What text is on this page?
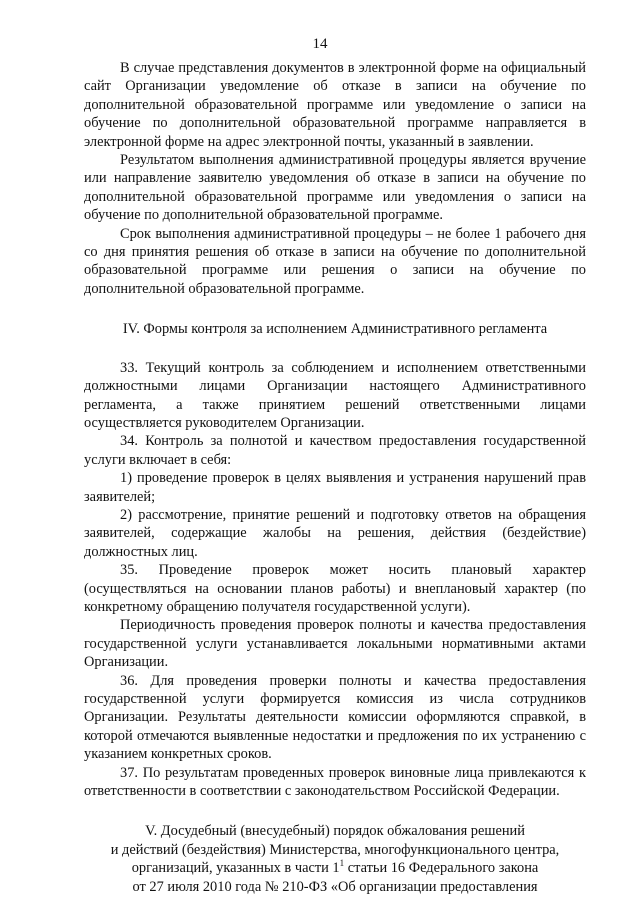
14

В случае представления документов в электронной форме на официальный сайт Организации уведомление об отказе в записи на обучение по дополнительной образовательной программе или уведомление о записи на обучение по дополнительной образовательной программе направляется в электронной форме на адрес электронной почты, указанный в заявлении.

Результатом выполнения административной процедуры является вручение или направление заявителю уведомления об отказе в записи на обучение по дополнительной образовательной программе или уведомления о записи на обучение по дополнительной образовательной программе.

Срок выполнения административной процедуры – не более 1 рабочего дня со дня принятия решения об отказе в записи на обучение по дополнительной образовательной программе или решения о записи на обучение по дополнительной образовательной программе.

IV. Формы контроля за исполнением Административного регламента

33. Текущий контроль за соблюдением и исполнением ответственными должностными лицами Организации настоящего Административного регламента, а также принятием решений ответственными лицами осуществляется руководителем Организации.

34. Контроль за полнотой и качеством предоставления государственной услуги включает в себя:

1) проведение проверок в целях выявления и устранения нарушений прав заявителей;

2) рассмотрение, принятие решений и подготовку ответов на обращения заявителей, содержащие жалобы на решения, действия (бездействие) должностных лиц.

35. Проведение проверок может носить плановый характер (осуществляться на основании планов работы) и внеплановый характер (по конкретному обращению получателя государственной услуги).

Периодичность проведения проверок полноты и качества предоставления государственной услуги устанавливается локальными нормативными актами Организации.

36. Для проведения проверки полноты и качества предоставления государственной услуги формируется комиссия из числа сотрудников Организации. Результаты деятельности комиссии оформляются справкой, в которой отмечаются выявленные недостатки и предложения по их устранению с указанием конкретных сроков.

37. По результатам проведенных проверок виновные лица привлекаются к ответственности в соответствии с законодательством Российской Федерации.

V. Досудебный (внесудебный) порядок обжалования решений
и действий (бездействия) Министерства, многофункционального центра,
организаций, указанных в части $1^1$ статьи 16 Федерального закона
от 27 июля 2010 года № 210-ФЗ «Об организации предоставления
